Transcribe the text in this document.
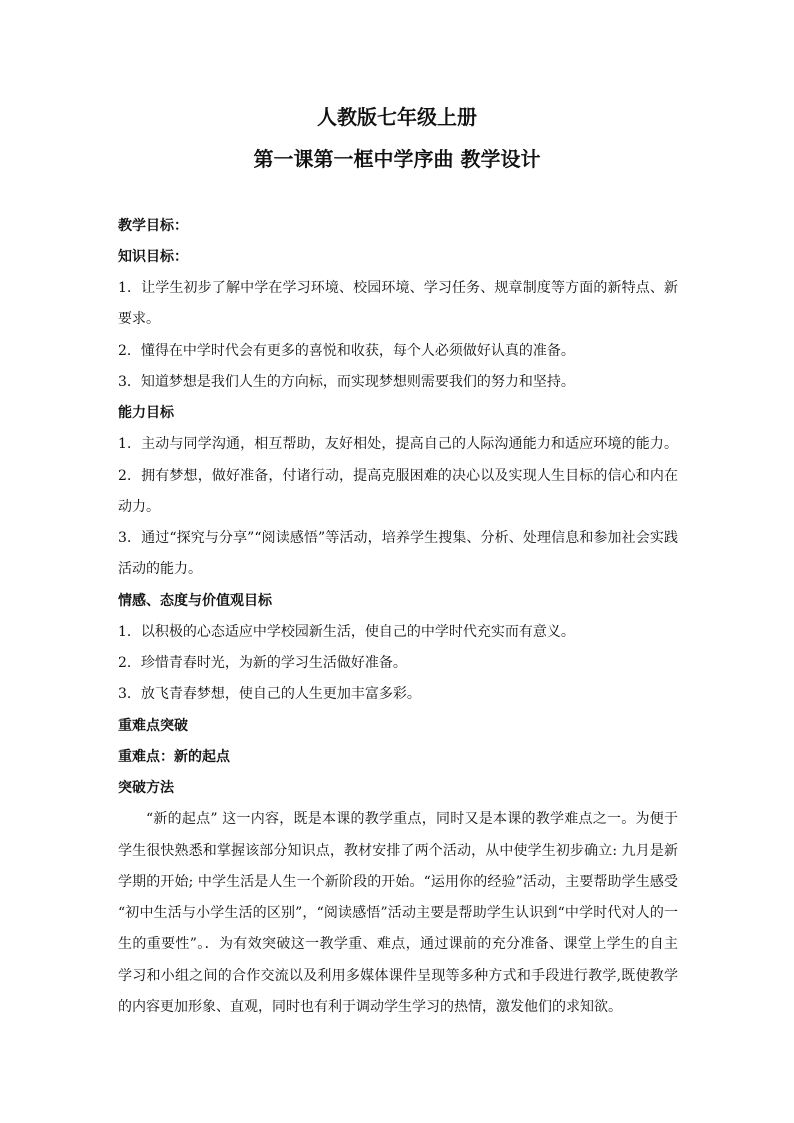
人教版七年级上册
第一课第一框中学序曲 教学设计
教学目标：
知识目标：
1．让学生初步了解中学在学习环境、校园环境、学习任务、规章制度等方面的新特点、新
要求。
2．懂得在中学时代会有更多的喜悦和收获，每个人必须做好认真的准备。
3．知道梦想是我们人生的方向标，而实现梦想则需要我们的努力和坚持。
能力目标
1．主动与同学沟通，相互帮助，友好相处，提高自己的人际沟通能力和适应环境的能力。
2．拥有梦想，做好准备，付诸行动，提高克服困难的决心以及实现人生目标的信心和内在
动力。
3．通过“探究与分享”“阅读感悟”等活动，培养学生搜集、分析、处理信息和参加社会实践
活动的能力。
情感、态度与价值观目标
1．以积极的心态适应中学校园新生活，使自己的中学时代充实而有意义。
2．珍惜青春时光，为新的学习生活做好准备。
3．放飞青春梦想，使自己的人生更加丰富多彩。
重难点突破
重难点：新的起点
突破方法
“新的起点” 这一内容，既是本课的教学重点，同时又是本课的教学难点之一。为便于
学生很快熟悉和掌握该部分知识点，教材安排了两个活动，从中使学生初步确立: 九月是新
学期的开始; 中学生活是人生一个新阶段的开始。“运用你的经验”活动，主要帮助学生感受
“初中生活与小学生活的区别”，“阅读感悟”活动主要是帮助学生认识到“中学时代对人的一
生的重要性”。．为有效突破这一教学重、难点，通过课前的充分准备、课堂上学生的自主
学习和小组之间的合作交流以及利用多媒体课件呈现等多种方式和手段进行教学,既使教学
的内容更加形象、直观，同时也有利于调动学生学习的热情，激发他们的求知欲。
